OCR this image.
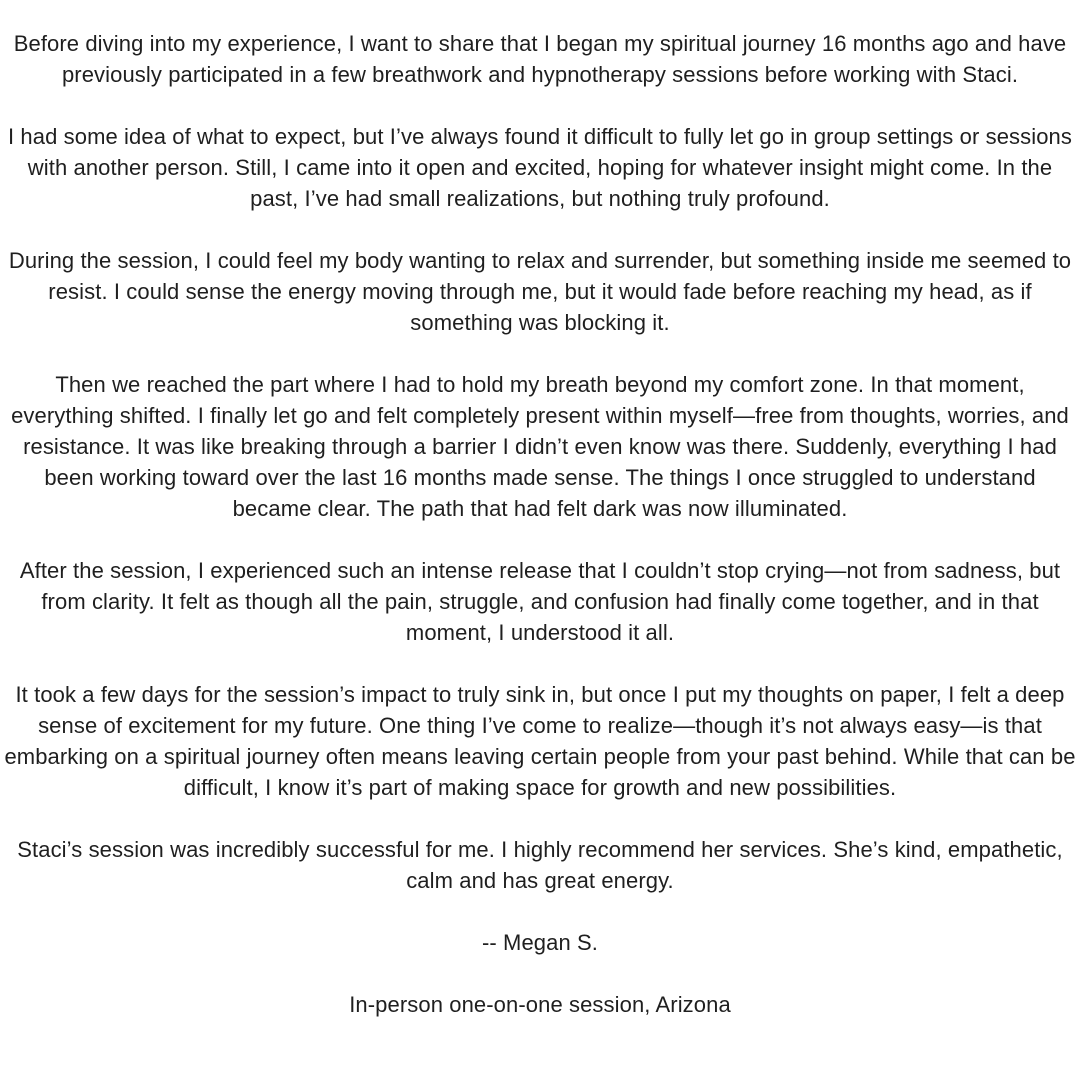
Before diving into my experience, I want to share that I began my spiritual journey 16 months ago and have previously participated in a few breathwork and hypnotherapy sessions before working with Staci.

I had some idea of what to expect, but I’ve always found it difficult to fully let go in group settings or sessions with another person. Still, I came into it open and excited, hoping for whatever insight might come. In the past, I’ve had small realizations, but nothing truly profound.

During the session, I could feel my body wanting to relax and surrender, but something inside me seemed to resist. I could sense the energy moving through me, but it would fade before reaching my head, as if something was blocking it.

Then we reached the part where I had to hold my breath beyond my comfort zone. In that moment, everything shifted. I finally let go and felt completely present within myself—free from thoughts, worries, and resistance. It was like breaking through a barrier I didn’t even know was there. Suddenly, everything I had been working toward over the last 16 months made sense. The things I once struggled to understand became clear. The path that had felt dark was now illuminated.

After the session, I experienced such an intense release that I couldn’t stop crying—not from sadness, but from clarity. It felt as though all the pain, struggle, and confusion had finally come together, and in that moment, I understood it all.

It took a few days for the session’s impact to truly sink in, but once I put my thoughts on paper, I felt a deep sense of excitement for my future. One thing I’ve come to realize—though it’s not always easy—is that embarking on a spiritual journey often means leaving certain people from your past behind. While that can be difficult, I know it’s part of making space for growth and new possibilities.

Staci’s session was incredibly successful for me. I highly recommend her services. She’s kind, empathetic, calm and has great energy.

-- Megan S.

In-person one-on-one session, Arizona
